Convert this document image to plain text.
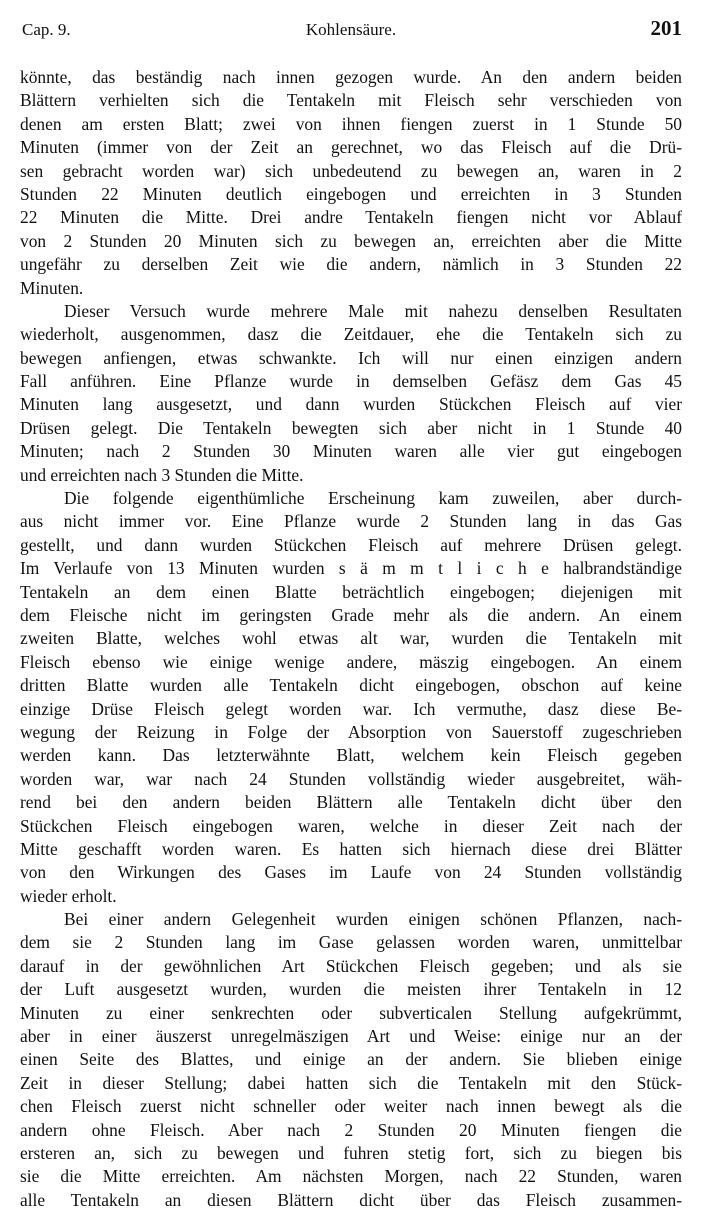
Cap. 9.	Kohlensäure.	201
könnte, das beständig nach innen gezogen wurde. An den andern beiden
Blättern verhielten sich die Tentakeln mit Fleisch sehr verschieden von
denen am ersten Blatt; zwei von ihnen fiengen zuerst in 1 Stunde 50
Minuten (immer von der Zeit an gerechnet, wo das Fleisch auf die Drü-
sen gebracht worden war) sich unbedeutend zu bewegen an, waren in 2
Stunden 22 Minuten deutlich eingebogen und erreichten in 3 Stunden
22 Minuten die Mitte. Drei andre Tentakeln fiengen nicht vor Ablauf
von 2 Stunden 20 Minuten sich zu bewegen an, erreichten aber die Mitte
ungefähr zu derselben Zeit wie die andern, nämlich in 3 Stunden 22
Minuten.
Dieser Versuch wurde mehrere Male mit nahezu denselben Resultaten
wiederholt, ausgenommen, dasz die Zeitdauer, ehe die Tentakeln sich zu
bewegen anfiengen, etwas schwankte. Ich will nur einen einzigen andern
Fall anführen. Eine Pflanze wurde in demselben Gefäsz dem Gas 45
Minuten lang ausgesetzt, und dann wurden Stückchen Fleisch auf vier
Drüsen gelegt. Die Tentakeln bewegten sich aber nicht in 1 Stunde 40
Minuten; nach 2 Stunden 30 Minuten waren alle vier gut eingebogen
und erreichten nach 3 Stunden die Mitte.
Die folgende eigenthümliche Erscheinung kam zuweilen, aber durch-
aus nicht immer vor. Eine Pflanze wurde 2 Stunden lang in das Gas
gestellt, und dann wurden Stückchen Fleisch auf mehrere Drüsen gelegt.
Im Verlaufe von 13 Minuten wurden s ä m m t l i c h e halbrandständige
Tentakeln an dem einen Blatte beträchtlich eingebogen; diejenigen mit
dem Fleische nicht im geringsten Grade mehr als die andern. An einem
zweiten Blatte, welches wohl etwas alt war, wurden die Tentakeln mit
Fleisch ebenso wie einige wenige andere, mäszig eingebogen. An einem
dritten Blatte wurden alle Tentakeln dicht eingebogen, obschon auf keine
einzige Drüse Fleisch gelegt worden war. Ich vermuthe, dasz diese Be-
wegung der Reizung in Folge der Absorption von Sauerstoff zugeschrieben
werden kann. Das letzterwähnte Blatt, welchem kein Fleisch gegeben
worden war, war nach 24 Stunden vollständig wieder ausgebreitet, wäh-
rend bei den andern beiden Blättern alle Tentakeln dicht über den
Stückchen Fleisch eingebogen waren, welche in dieser Zeit nach der
Mitte geschafft worden waren. Es hatten sich hiernach diese drei Blätter
von den Wirkungen des Gases im Laufe von 24 Stunden vollständig
wieder erholt.
Bei einer andern Gelegenheit wurden einigen schönen Pflanzen, nach-
dem sie 2 Stunden lang im Gase gelassen worden waren, unmittelbar
darauf in der gewöhnlichen Art Stückchen Fleisch gegeben; und als sie
der Luft ausgesetzt wurden, wurden die meisten ihrer Tentakeln in 12
Minuten zu einer senkrechten oder subverticalen Stellung aufgekrümmt,
aber in einer äuszerst unregelmäszigen Art und Weise: einige nur an der
einen Seite des Blattes, und einige an der andern. Sie blieben einige
Zeit in dieser Stellung; dabei hatten sich die Tentakeln mit den Stück-
chen Fleisch zuerst nicht schneller oder weiter nach innen bewegt als die
andern ohne Fleisch. Aber nach 2 Stunden 20 Minuten fiengen die
ersteren an, sich zu bewegen und fuhren stetig fort, sich zu biegen bis
sie die Mitte erreichten. Am nächsten Morgen, nach 22 Stunden, waren
alle Tentakeln an diesen Blättern dicht über das Fleisch zusammen-
